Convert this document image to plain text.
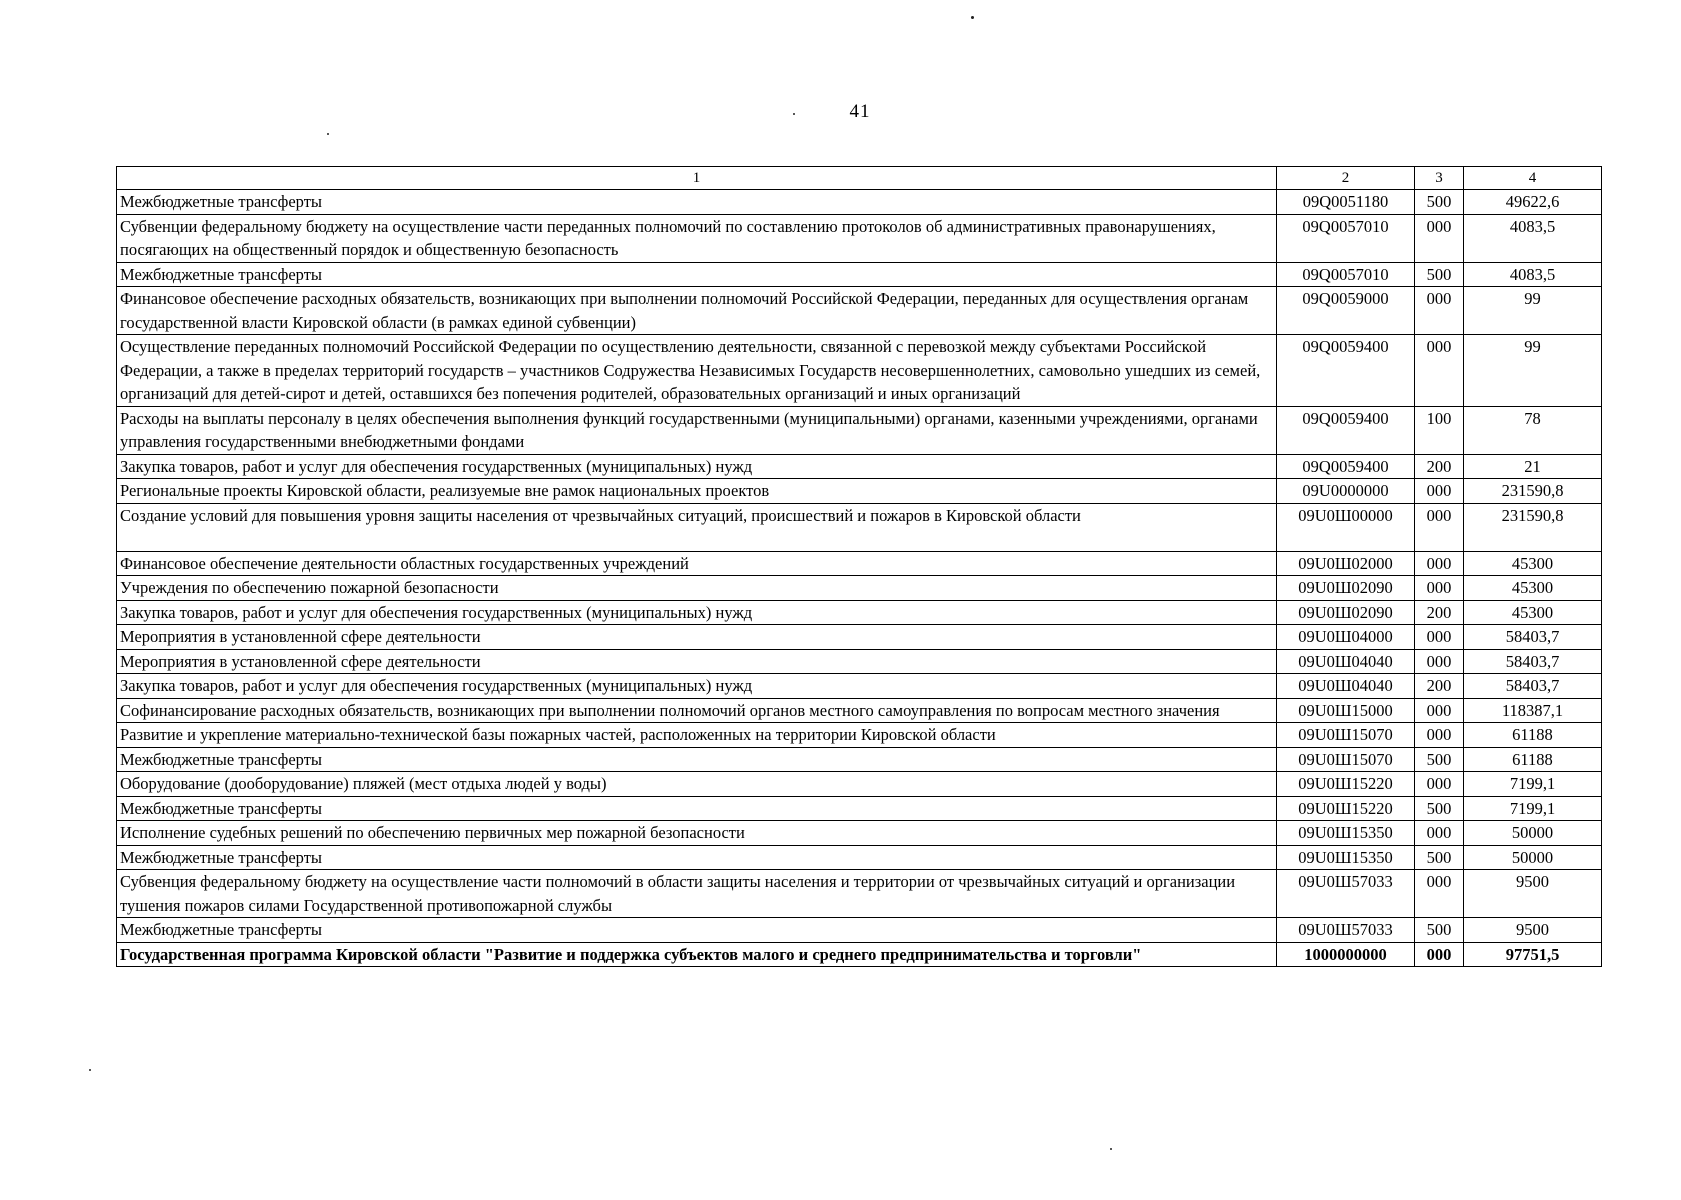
41
1	2	3	4
Межбюджетные трансферты	09Q0051180	500	49622,6
Субвенции федеральному бюджету на осуществление части переданных полномочий по составлению протоколов об административных правонарушениях, посягающих на общественный порядок и общественную безопасность	09Q0057010	000	4083,5
Межбюджетные трансферты	09Q0057010	500	4083,5
Финансовое обеспечение расходных обязательств, возникающих при выполнении полномочий Российской Федерации, переданных для осуществления органам государственной власти Кировской области (в рамках единой субвенции)	09Q0059000	000	99
Осуществление переданных полномочий Российской Федерации по осуществлению деятельности, связанной с перевозкой между субъектами Российской Федерации, а также в пределах территорий государств – участников Содружества Независимых Государств несовершеннолетних, самовольно ушедших из семей, организаций для детей-сирот и детей, оставшихся без попечения родителей, образовательных организаций и иных организаций	09Q0059400	000	99
Расходы на выплаты персоналу в целях обеспечения выполнения функций государственными (муниципальными) органами, казенными учреждениями, органами управления государственными внебюджетными фондами	09Q0059400	100	78
Закупка товаров, работ и услуг для обеспечения государственных (муниципальных) нужд	09Q0059400	200	21
Региональные проекты Кировской области, реализуемые вне рамок национальных проектов	09U0000000	000	231590,8
Создание условий для повышения уровня защиты населения от чрезвычайных ситуаций, происшествий и пожаров в Кировской области	09U0Ш00000	000	231590,8
Финансовое обеспечение деятельности областных государственных учреждений	09U0Ш02000	000	45300
Учреждения по обеспечению пожарной безопасности	09U0Ш02090	000	45300
Закупка товаров, работ и услуг для обеспечения государственных (муниципальных) нужд	09U0Ш02090	200	45300
Мероприятия в установленной сфере деятельности	09U0Ш04000	000	58403,7
Мероприятия в установленной сфере деятельности	09U0Ш04040	000	58403,7
Закупка товаров, работ и услуг для обеспечения государственных (муниципальных) нужд	09U0Ш04040	200	58403,7
Софинансирование расходных обязательств, возникающих при выполнении полномочий органов местного самоуправления по вопросам местного значения	09U0Ш15000	000	118387,1
Развитие и укрепление материально-технической базы пожарных частей, расположенных на территории Кировской области	09U0Ш15070	000	61188
Межбюджетные трансферты	09U0Ш15070	500	61188
Оборудование (дооборудование) пляжей (мест отдыха людей у воды)	09U0Ш15220	000	7199,1
Межбюджетные трансферты	09U0Ш15220	500	7199,1
Исполнение судебных решений по обеспечению первичных мер пожарной безопасности	09U0Ш15350	000	50000
Межбюджетные трансферты	09U0Ш15350	500	50000
Субвенция федеральному бюджету на осуществление части полномочий в области защиты населения и территории от чрезвычайных ситуаций и организации тушения пожаров силами Государственной противопожарной службы	09U0Ш57033	000	9500
Межбюджетные трансферты	09U0Ш57033	500	9500
Государственная программа Кировской области "Развитие и поддержка субъектов малого и среднего предпринимательства и торговли"	1000000000	000	97751,5
